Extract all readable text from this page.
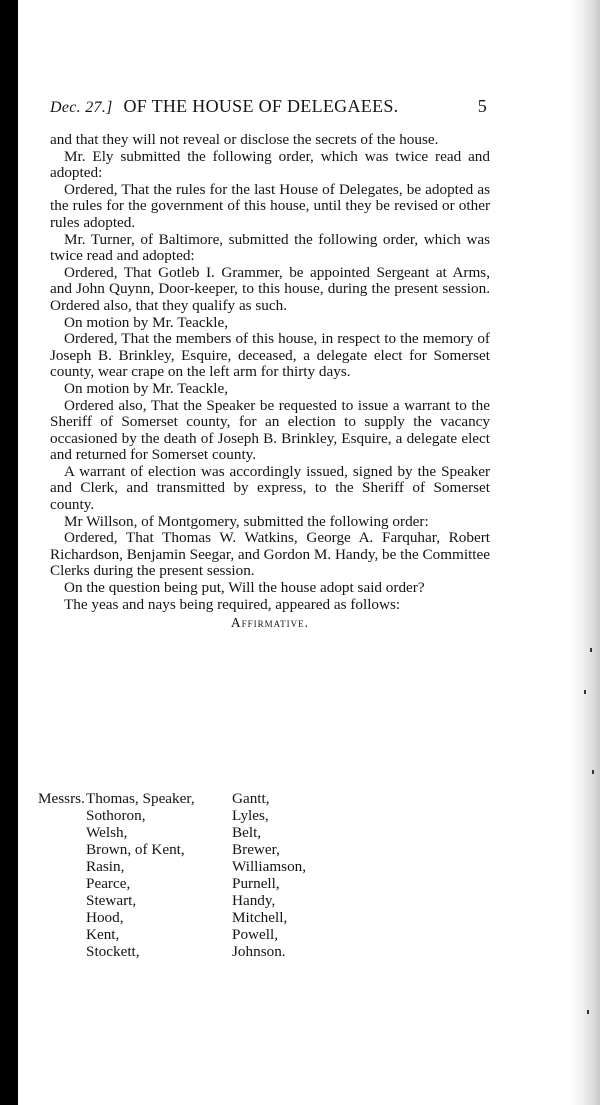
Dec. 27.] OF THE HOUSE OF DELEGAEES.	5

and that they will not reveal or disclose the secrets of the house.

Mr. Ely submitted the following order, which was twice read and adopted:

Ordered, That the rules for the last House of Delegates, be adopted as the rules for the government of this house, until they be revised or other rules adopted.

Mr. Turner, of Baltimore, submitted the following order, which was twice read and adopted:

Ordered, That Gotleb I. Grammer, be appointed Sergeant at Arms, and John Quynn, Door-keeper, to this house, during the present session. Ordered also, that they qualify as such.

On motion by Mr. Teackle,

Ordered, That the members of this house, in respect to the memory of Joseph B. Brinkley, Esquire, deceased, a delegate elect for Somerset county, wear crape on the left arm for thirty days.

On motion by Mr. Teackle,

Ordered also, That the Speaker be requested to issue a warrant to the Sheriff of Somerset county, for an election to supply the vacancy occasioned by the death of Joseph B. Brinkley, Esquire, a delegate elect and returned for Somerset county.

A warrant of election was accordingly issued, signed by the Speaker and Clerk, and transmitted by express, to the Sheriff of Somerset county.

Mr Willson, of Montgomery, submitted the following order:

Ordered, That Thomas W. Watkins, George A. Farquhar, Robert Richardson, Benjamin Seegar, and Gordon M. Handy, be the Committee Clerks during the present session.

On the question being put, Will the house adopt said order?

The yeas and nays being required, appeared as follows:

Affirmative.
Messrs. Thomas, Speaker,	Gantt,
Sothoron,	Lyles,
Welsh,	Belt,
Brown, of Kent,	Brewer,
Rasin,	Williamson,
Pearce,	Purnell,
Stewart,	Handy,
Hood,	Mitchell,
Kent,	Powell,
Stockett,	Johnson.
